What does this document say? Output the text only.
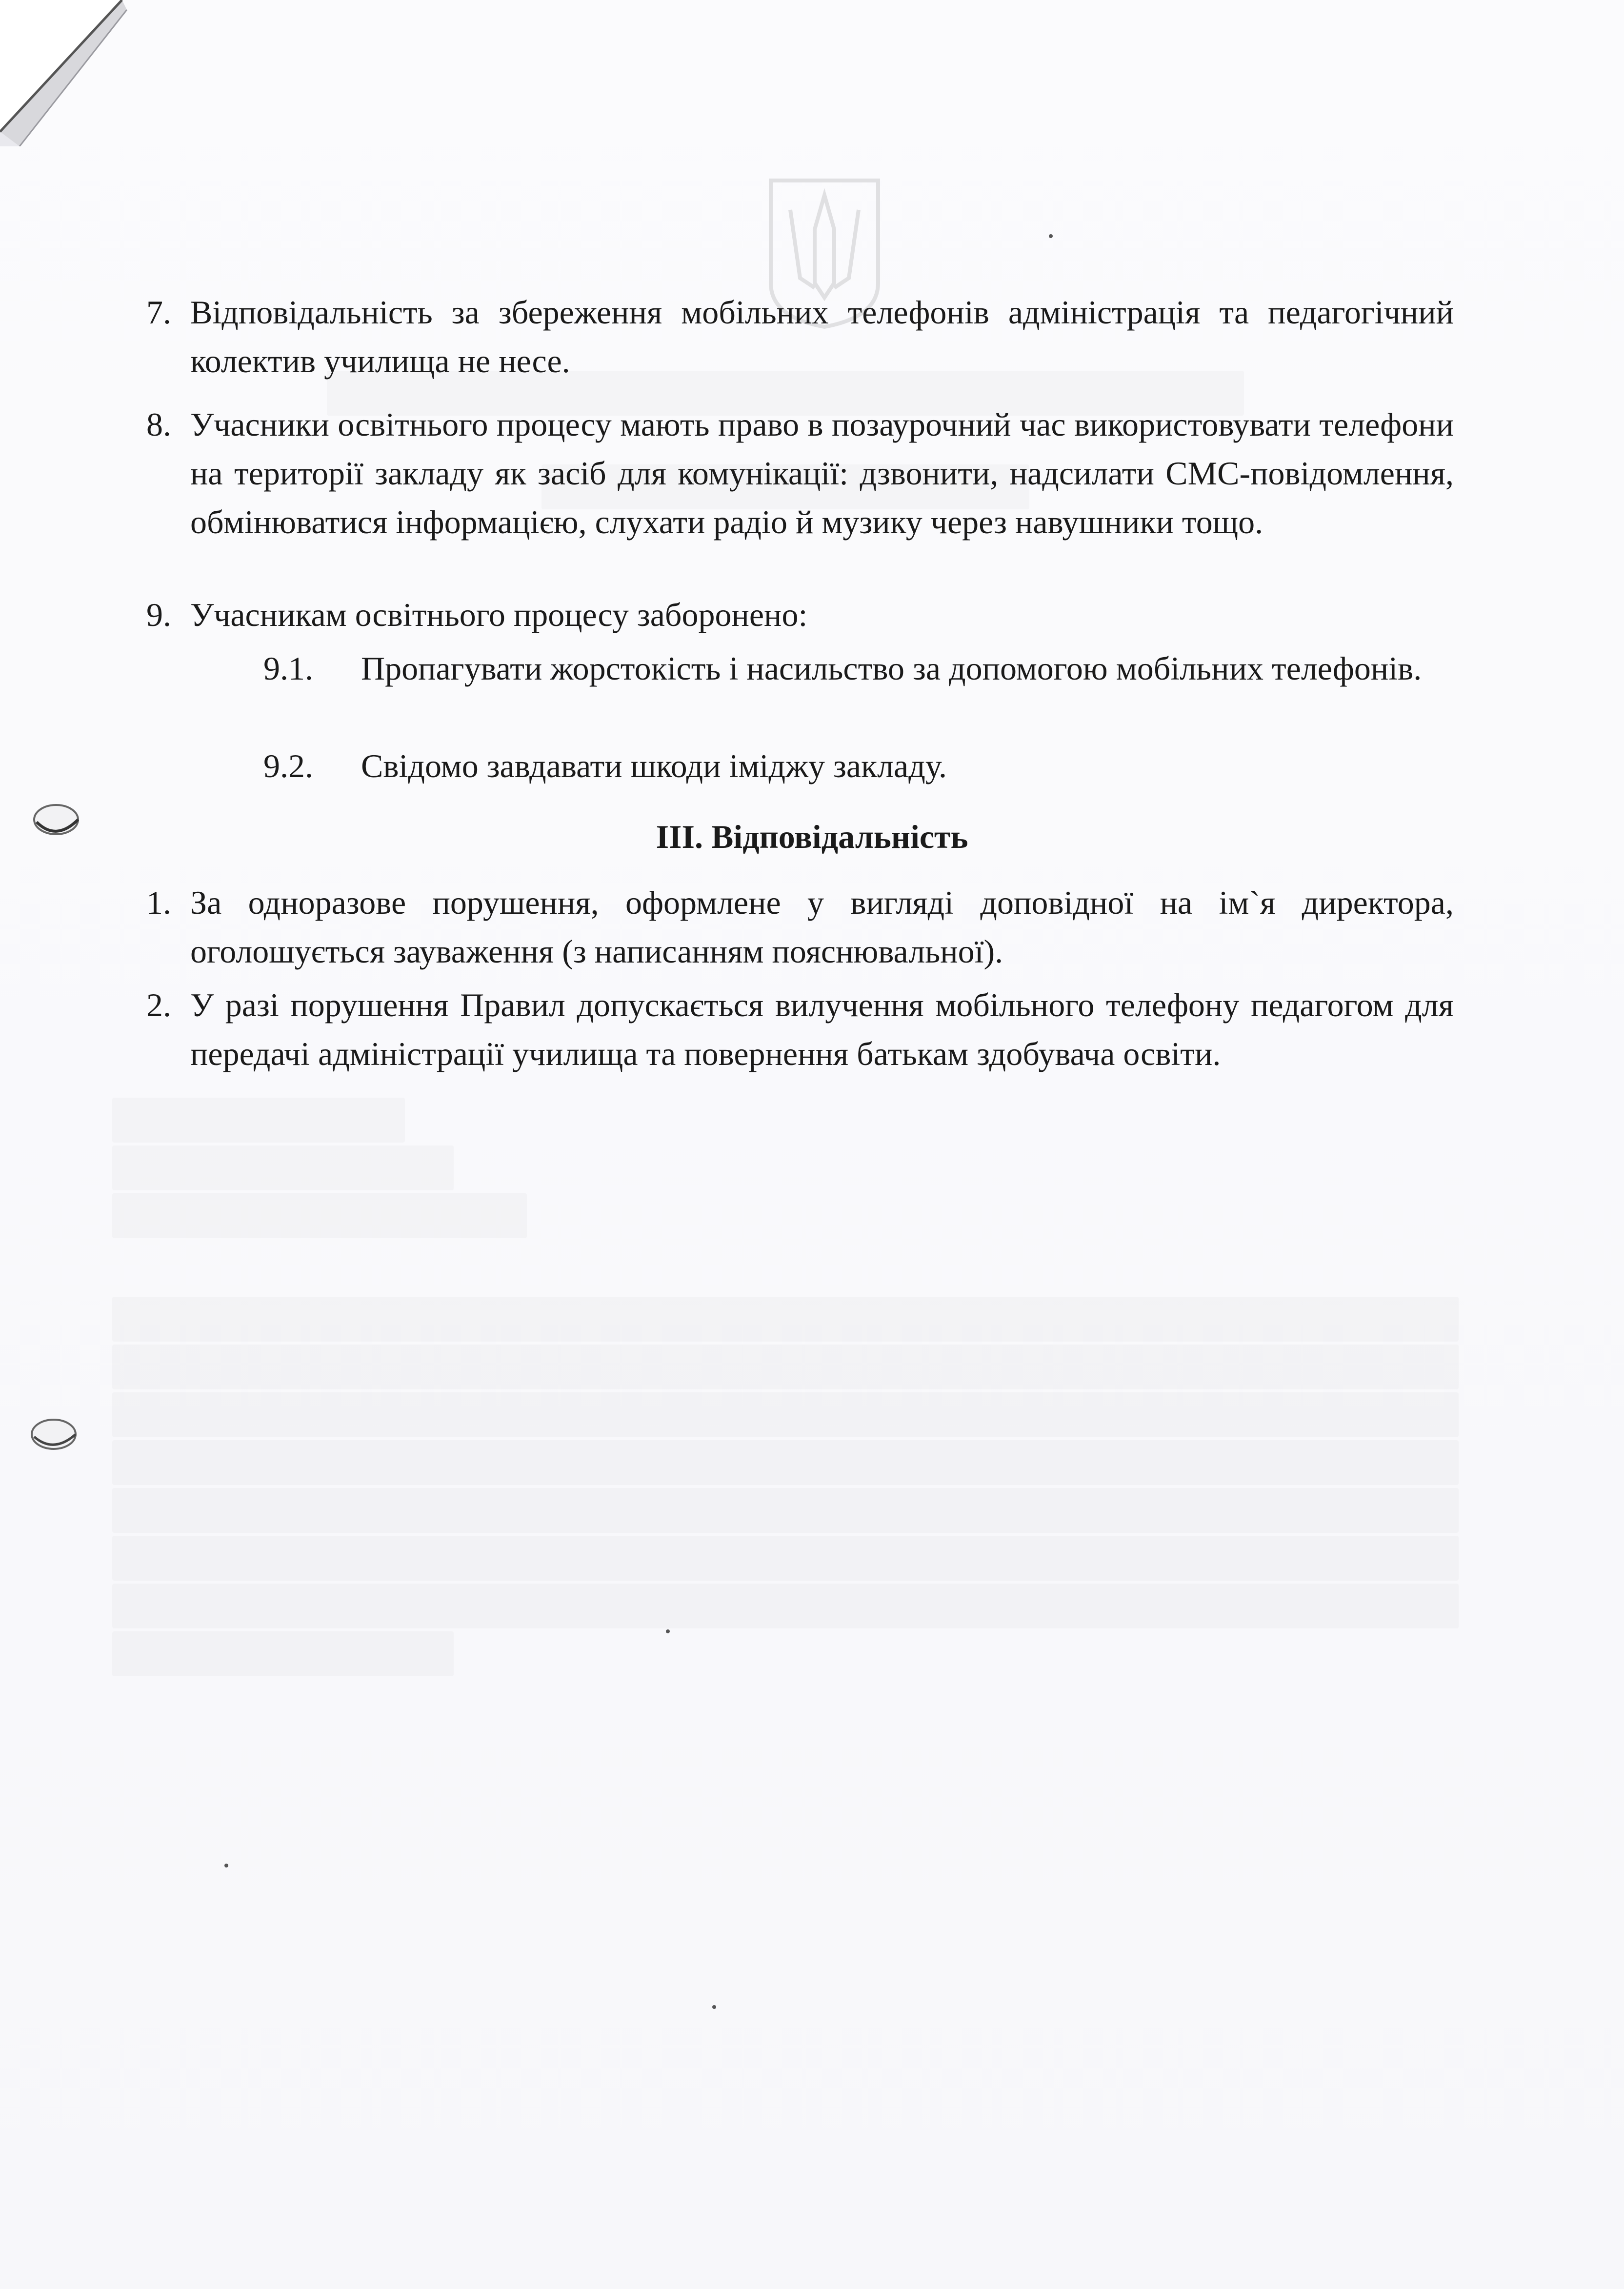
7. Відповідальність за збереження мобільних телефонів адміністрація та педагогічний колектив училища не несе.
8. Учасники освітнього процесу мають право в позаурочний час використовувати телефони на території закладу як засіб для комунікації: дзвонити, надсилати СМС-повідомлення, обмінюватися інформацією, слухати радіо й музику через навушники тощо.
9. Учасникам освітнього процесу заборонено:
9.1.	Пропагувати жорстокість і насильство за допомогою мобільних телефонів.
9.2.	Свідомо завдавати шкоди іміджу закладу.
ІІІ. Відповідальність
1. За одноразове порушення, оформлене у вигляді доповідної на ім`я директора, оголошується зауваження (з написанням пояснювальної).
2. У разі порушення Правил допускається вилучення мобільного телефону педагогом для передачі адміністрації училища та повернення батькам здобувача освіти.
